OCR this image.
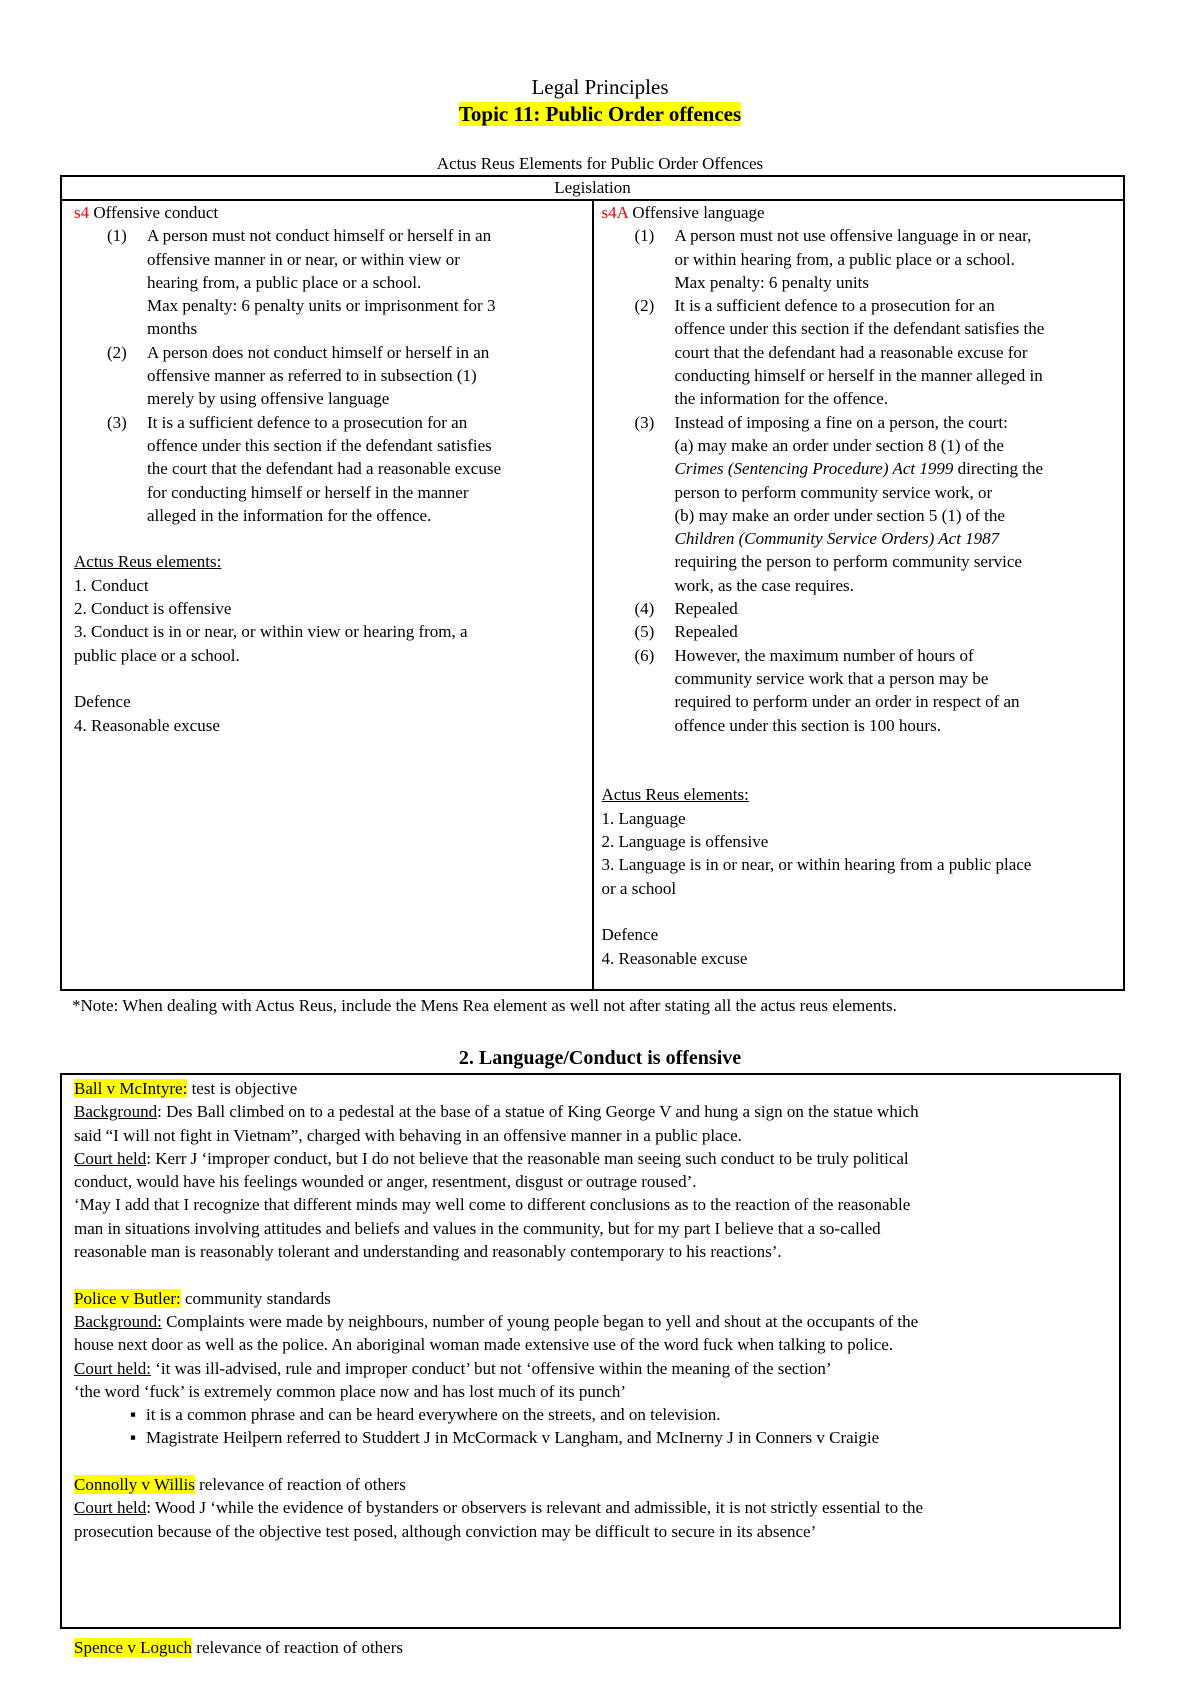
Legal Principles
Topic 11: Public Order offences
Actus Reus Elements for Public Order Offences
Legislation

s4 Offensive conduct
(1) A person must not conduct himself or herself in an
offensive manner in or near, or within view or
hearing from, a public place or a school.
Max penalty: 6 penalty units or imprisonment for 3
months
(2) A person does not conduct himself or herself in an
offensive manner as referred to in subsection (1)
merely by using offensive language
(3) It is a sufficient defence to a prosecution for an
offence under this section if the defendant satisfies
the court that the defendant had a reasonable excuse
for conducting himself or herself in the manner
alleged in the information for the offence.
Actus Reus elements:
1. Conduct
2. Conduct is offensive
3. Conduct is in or near, or within view or hearing from, a
public place or a school.
Defence
4. Reasonable excuse

s4A Offensive language
(1) A person must not use offensive language in or near,
or within hearing from, a public place or a school.
Max penalty: 6 penalty units
(2) It is a sufficient defence to a prosecution for an
offence under this section if the defendant satisfies the
court that the defendant had a reasonable excuse for
conducting himself or herself in the manner alleged in
the information for the offence.
(3) Instead of imposing a fine on a person, the court:
(a) may make an order under section 8 (1) of the
Crimes (Sentencing Procedure) Act 1999 directing the
person to perform community service work, or
(b) may make an order under section 5 (1) of the
Children (Community Service Orders) Act 1987
requiring the person to perform community service
work, as the case requires.
(4) Repealed
(5) Repealed
(6) However, the maximum number of hours of
community service work that a person may be
required to perform under an order in respect of an
offence under this section is 100 hours.
Actus Reus elements:
1. Language
2. Language is offensive
3. Language is in or near, or within hearing from a public place
or a school
Defence
4. Reasonable excuse
*Note: When dealing with Actus Reus, include the Mens Rea element as well not after stating all the actus reus elements.
2. Language/Conduct is offensive

Ball v McIntyre: test is objective

Background: Des Ball climbed on to a pedestal at the base of a statue of King George V and hung a sign on the statue which

said “I will not fight in Vietnam”, charged with behaving in an offensive manner in a public place.

Court held: Kerr J ‘improper conduct, but I do not believe that the reasonable man seeing such conduct to be truly political

conduct, would have his feelings wounded or anger, resentment, disgust or outrage roused’.

‘May I add that I recognize that different minds may well come to different conclusions as to the reaction of the reasonable

man in situations involving attitudes and beliefs and values in the community, but for my part I believe that a so-called

reasonable man is reasonably tolerant and understanding and reasonably contemporary to his reactions’.

Police v Butler: community standards

Background: Complaints were made by neighbours, number of young people began to yell and shout at the occupants of the

house next door as well as the police. An aboriginal woman made extensive use of the word fuck when talking to police.

Court held: ‘it was ill-advised, rule and improper conduct’ but not ‘offensive within the meaning of the section’

‘the word ‘fuck’ is extremely common place now and has lost much of its punch’

▪ it is a common phrase and can be heard everywhere on the streets, and on television.
▪ Magistrate Heilpern referred to Studdert J in McCormack v Langham, and McInerny J in Conners v Craigie

Connolly v Willis relevance of reaction of others

Court held: Wood J ‘while the evidence of bystanders or observers is relevant and admissible, it is not strictly essential to the

prosecution because of the objective test posed, although conviction may be difficult to secure in its absence’

Spence v Loguch relevance of reaction of others
